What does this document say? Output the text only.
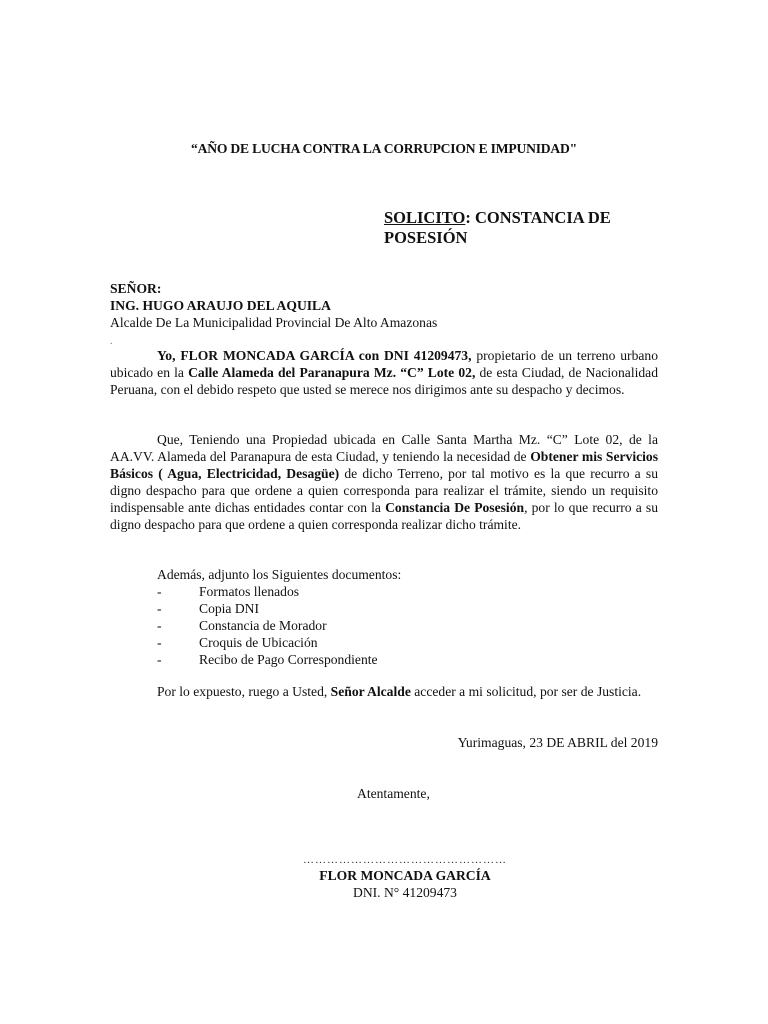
“AÑO DE LUCHA CONTRA LA CORRUPCION E IMPUNIDAD"
SOLICITO: CONSTANCIA DE POSESIÓN
SEÑOR:
ING. HUGO ARAUJO DEL AQUILA
Alcalde De La Municipalidad Provincial De Alto Amazonas
.
Yo, FLOR MONCADA GARCÍA con DNI 41209473, propietario de un terreno urbano ubicado en la Calle Alameda del Paranapura Mz. “C” Lote 02, de esta Ciudad, de Nacionalidad Peruana, con el debido respeto que usted se merece nos dirigimos ante su despacho y decimos.
Que, Teniendo una Propiedad ubicada en Calle Santa Martha Mz. “C” Lote 02, de la AA.VV. Alameda del Paranapura de esta Ciudad, y teniendo la necesidad de Obtener mis Servicios Básicos ( Agua, Electricidad, Desagüe) de dicho Terreno, por tal motivo es la que recurro a su digno despacho para que ordene a quien corresponda para realizar el trámite, siendo un requisito indispensable ante dichas entidades contar con la Constancia De Posesión, por lo que recurro a su digno despacho para que ordene a quien corresponda realizar dicho trámite.
Además, adjunto los Siguientes documentos:
-	Formatos llenados
-	Copia DNI
-	Constancia de Morador
-	Croquis de Ubicación
-	Recibo de Pago Correspondiente
Por lo expuesto, ruego a Usted, Señor Alcalde acceder a mi solicitud, por ser de Justicia.
Yurimaguas, 23 DE ABRIL del 2019
Atentamente,
……………………………………………
FLOR MONCADA GARCÍA
DNI. N° 41209473
